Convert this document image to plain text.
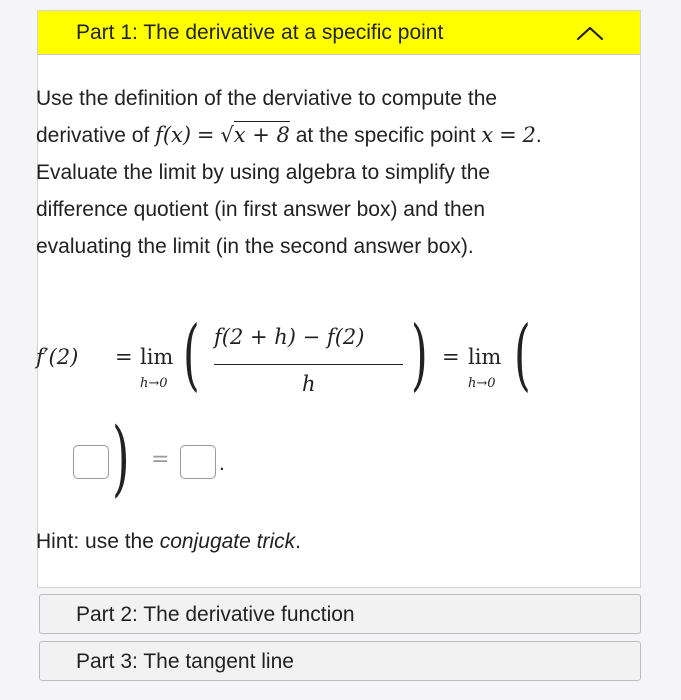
Part 1: The derivative at a specific point
Use the definition of the derviative to compute the derivative of f(x) = √x + 8 at the specific point x = 2. Evaluate the limit by using algebra to simplify the difference quotient (in first answer box) and then evaluating the limit (in the second answer box).
f′(2) = lim
h→0 ( f(2 + h) − f(2)
h ) = lim
h→0 (
) = .
Hint: use the conjugate trick.
Part 2: The derivative function
Part 3: The tangent line
